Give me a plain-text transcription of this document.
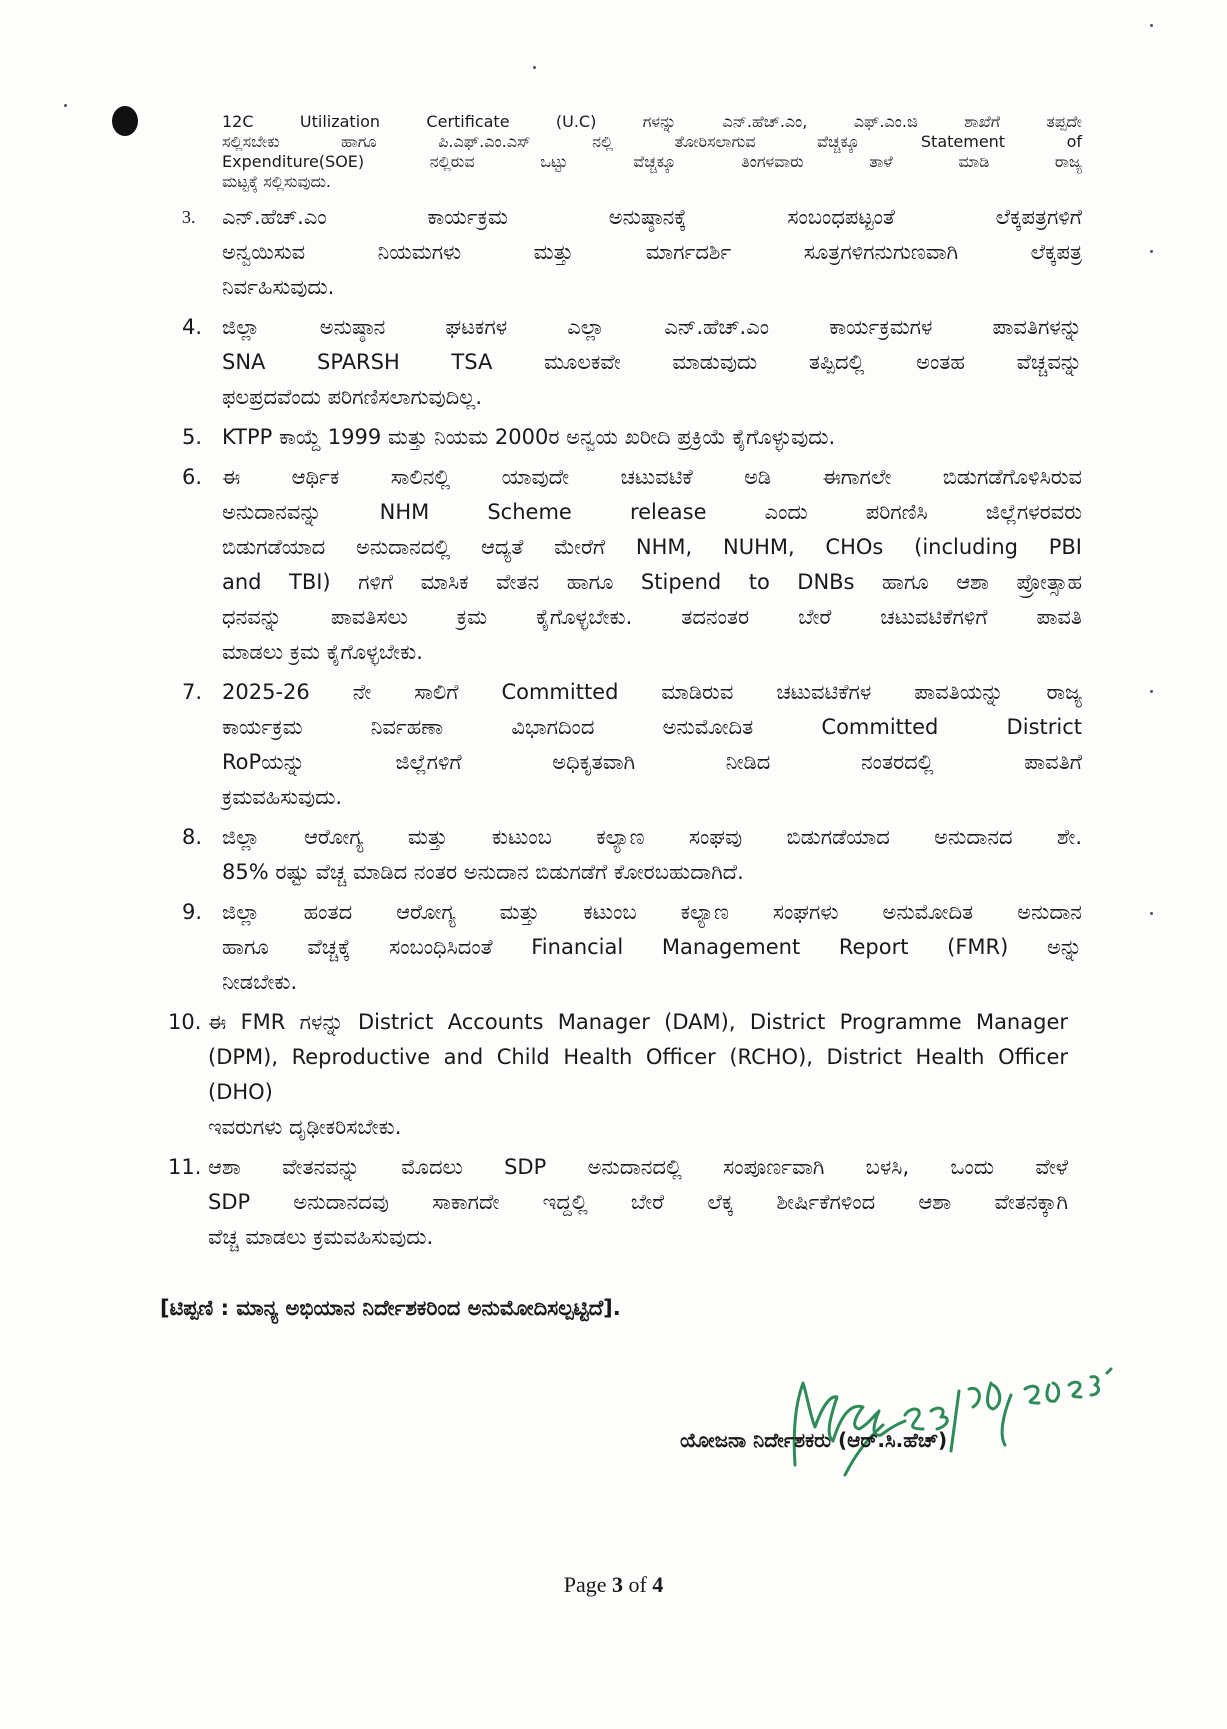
12C Utilization Certificate (U.C) ಗಳನ್ನು ಎನ್.ಹೆಚ್.ಎಂ, ಎಫ್.ಎಂ.ಜಿ ಶಾಖೆಗೆ ತಪ್ಪದೇ
ಸಲ್ಲಿಸಬೇಕು ಹಾಗೂ ಪಿ.ಎಫ್.ಎಂ.ಎಸ್ ನಲ್ಲಿ ತೋರಿಸಲಾಗುವ ವೆಚ್ಚಕ್ಕೂ Statement of
Expenditure(SOE) ನಲ್ಲಿರುವ ಒಟ್ಟು ವೆಚ್ಚಕ್ಕೂ ತಿಂಗಳವಾರು ತಾಳೆ ಮಾಡಿ ರಾಜ್ಯ
ಮಟ್ಟಕ್ಕೆ ಸಲ್ಲಿಸುವುದು.
3.	ಎನ್.ಹೆಚ್.ಎಂ ಕಾರ್ಯಕ್ರಮ ಅನುಷ್ಠಾನಕ್ಕೆ ಸಂಬಂಧಪಟ್ಟಂತೆ ಲೆಕ್ಕಪತ್ರಗಳಿಗೆ
ಅನ್ವಯಿಸುವ ನಿಯಮಗಳು ಮತ್ತು ಮಾರ್ಗದರ್ಶಿ ಸೂತ್ರಗಳಿಗನುಗುಣವಾಗಿ ಲೆಕ್ಕಪತ್ರ
ನಿರ್ವಹಿಸುವುದು.
4. ಜಿಲ್ಲಾ ಅನುಷ್ಠಾನ ಘಟಕಗಳ ಎಲ್ಲಾ ಎನ್.ಹೆಚ್.ಎಂ ಕಾರ್ಯಕ್ರಮಗಳ ಪಾವತಿಗಳನ್ನು
SNA SPARSH TSA ಮೂಲಕವೇ ಮಾಡುವುದು ತಪ್ಪಿದಲ್ಲಿ ಅಂತಹ ವೆಚ್ಚವನ್ನು
ಫಲಪ್ರದವೆಂದು ಪರಿಗಣಿಸಲಾಗುವುದಿಲ್ಲ.
5. KTPP ಕಾಯ್ದೆ 1999 ಮತ್ತು ನಿಯಮ 2000ರ ಅನ್ವಯ ಖರೀದಿ ಪ್ರಕ್ರಿಯೆ ಕೈಗೊಳ್ಳುವುದು.
6. ಈ ಆರ್ಥಿಕ ಸಾಲಿನಲ್ಲಿ ಯಾವುದೇ ಚಟುವಟಿಕೆ ಅಡಿ ಈಗಾಗಲೇ ಬಿಡುಗಡೆಗೊಳಿಸಿರುವ
ಅನುದಾನವನ್ನು NHM Scheme release ಎಂದು ಪರಿಗಣಿಸಿ ಜಿಲ್ಲೆಗಳರವರು
ಬಿಡುಗಡೆಯಾದ ಅನುದಾನದಲ್ಲಿ ಆದ್ಯತೆ ಮೇರೆಗೆ NHM, NUHM, CHOs (including PBI
and TBI) ಗಳಿಗೆ ಮಾಸಿಕ ವೇತನ ಹಾಗೂ Stipend to DNBs ಹಾಗೂ ಆಶಾ ಪ್ರೋತ್ಸಾಹ
ಧನವನ್ನು ಪಾವತಿಸಲು ಕ್ರಮ ಕೈಗೊಳ್ಳಬೇಕು. ತದನಂತರ ಬೇರೆ ಚಟುವಟಿಕೆಗಳಿಗೆ ಪಾವತಿ
ಮಾಡಲು ಕ್ರಮ ಕೈಗೊಳ್ಳಬೇಕು.
7. 2025-26 ನೇ ಸಾಲಿಗೆ Committed ಮಾಡಿರುವ ಚಟುವಟಿಕೆಗಳ ಪಾವತಿಯನ್ನು ರಾಜ್ಯ
ಕಾರ್ಯಕ್ರಮ ನಿರ್ವಹಣಾ ವಿಭಾಗದಿಂದ ಅನುಮೋದಿತ Committed District
RoPಯನ್ನು ಜಿಲ್ಲೆಗಳಿಗೆ ಅಧಿಕೃತವಾಗಿ ನೀಡಿದ ನಂತರದಲ್ಲಿ ಪಾವತಿಗೆ
ಕ್ರಮವಹಿಸುವುದು.
8. ಜಿಲ್ಲಾ ಆರೋಗ್ಯ ಮತ್ತು ಕುಟುಂಬ ಕಲ್ಯಾಣ ಸಂಘವು ಬಿಡುಗಡೆಯಾದ ಅನುದಾನದ ಶೇ.
85% ರಷ್ಟು ವೆಚ್ಚ ಮಾಡಿದ ನಂತರ ಅನುದಾನ ಬಿಡುಗಡೆಗೆ ಕೋರಬಹುದಾಗಿದೆ.
9. ಜಿಲ್ಲಾ ಹಂತದ ಆರೋಗ್ಯ ಮತ್ತು ಕಟುಂಬ ಕಲ್ಯಾಣ ಸಂಘಗಳು ಅನುಮೋದಿತ ಅನುದಾನ
ಹಾಗೂ ವೆಚ್ಚಕ್ಕೆ ಸಂಬಂಧಿಸಿದಂತೆ Financial Management Report (FMR) ಅನ್ನು
ನೀಡಬೇಕು.
10. ಈ FMR ಗಳನ್ನು District Accounts Manager (DAM), District Programme Manager
(DPM), Reproductive and Child Health Officer (RCHO), District Health Officer (DHO)
ಇವರುಗಳು ದೃಢೀಕರಿಸಬೇಕು.
11. ಆಶಾ ವೇತನವನ್ನು ಮೊದಲು SDP ಅನುದಾನದಲ್ಲಿ ಸಂಪೂರ್ಣವಾಗಿ ಬಳಸಿ, ಒಂದು ವೇಳೆ
SDP ಅನುದಾನದವು ಸಾಕಾಗದೇ ಇದ್ದಲ್ಲಿ ಬೇರೆ ಲೆಕ್ಕ ಶೀರ್ಷಿಕೆಗಳಿಂದ ಆಶಾ ವೇತನಕ್ಕಾಗಿ
ವೆಚ್ಚ ಮಾಡಲು ಕ್ರಮವಹಿಸುವುದು.
[ಟಿಪ್ಪಣಿ : ಮಾನ್ಯ ಅಭಿಯಾನ ನಿರ್ದೇಶಕರಿಂದ ಅನುಮೋದಿಸಲ್ಪಟ್ಟಿದೆ].
ಯೋಜನಾ ನಿರ್ದೇಶಕರು (ಆರ್.ಸಿ.ಹೆಚ್)
Page 3 of 4
